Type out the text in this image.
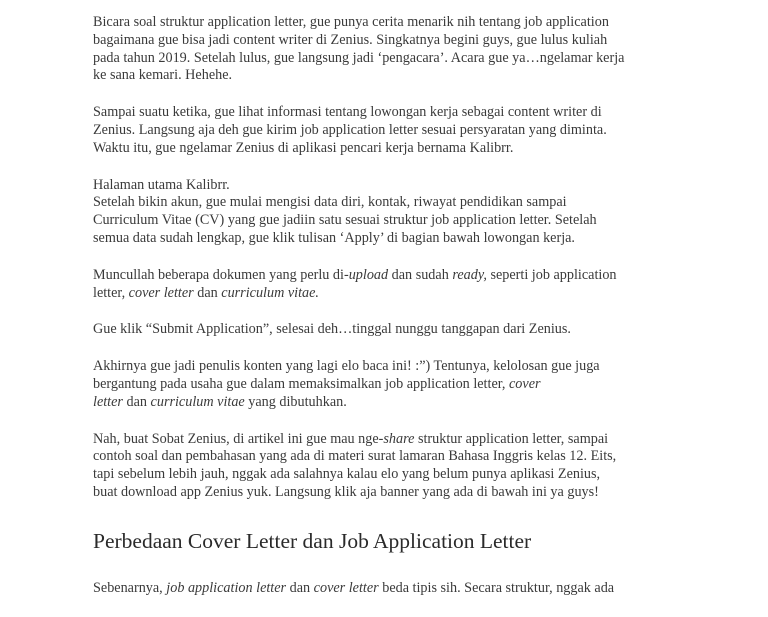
Bicara soal struktur application letter, gue punya cerita menarik nih tentang job application
bagaimana gue bisa jadi content writer di Zenius. Singkatnya begini guys, gue lulus kuliah
pada tahun 2019. Setelah lulus, gue langsung jadi ‘pengacara’. Acara gue ya…ngelamar kerja
ke sana kemari. Hehehe.

Sampai suatu ketika, gue lihat informasi tentang lowongan kerja sebagai content writer di
Zenius. Langsung aja deh gue kirim job application letter sesuai persyaratan yang diminta.
Waktu itu, gue ngelamar Zenius di aplikasi pencari kerja bernama Kalibrr.

Halaman utama Kalibrr.
Setelah bikin akun, gue mulai mengisi data diri, kontak, riwayat pendidikan sampai
Curriculum Vitae (CV) yang gue jadiin satu sesuai struktur job application letter. Setelah
semua data sudah lengkap, gue klik tulisan ‘Apply’ di bagian bawah lowongan kerja.

Muncullah beberapa dokumen yang perlu di-upload dan sudah ready, seperti job application
letter, cover letter dan curriculum vitae.

Gue klik “Submit Application”, selesai deh…tinggal nunggu tanggapan dari Zenius.

Akhirnya gue jadi penulis konten yang lagi elo baca ini! :”) Tentunya, kelolosan gue juga
bergantung pada usaha gue dalam memaksimalkan job application letter, cover
letter dan curriculum vitae yang dibutuhkan.

Nah, buat Sobat Zenius, di artikel ini gue mau nge-share struktur application letter, sampai
contoh soal dan pembahasan yang ada di materi surat lamaran Bahasa Inggris kelas 12. Eits,
tapi sebelum lebih jauh, nggak ada salahnya kalau elo yang belum punya aplikasi Zenius,
buat download app Zenius yuk. Langsung klik aja banner yang ada di bawah ini ya guys!

Perbedaan Cover Letter dan Job Application Letter

Sebenarnya, job application letter dan cover letter beda tipis sih. Secara struktur, nggak ada
